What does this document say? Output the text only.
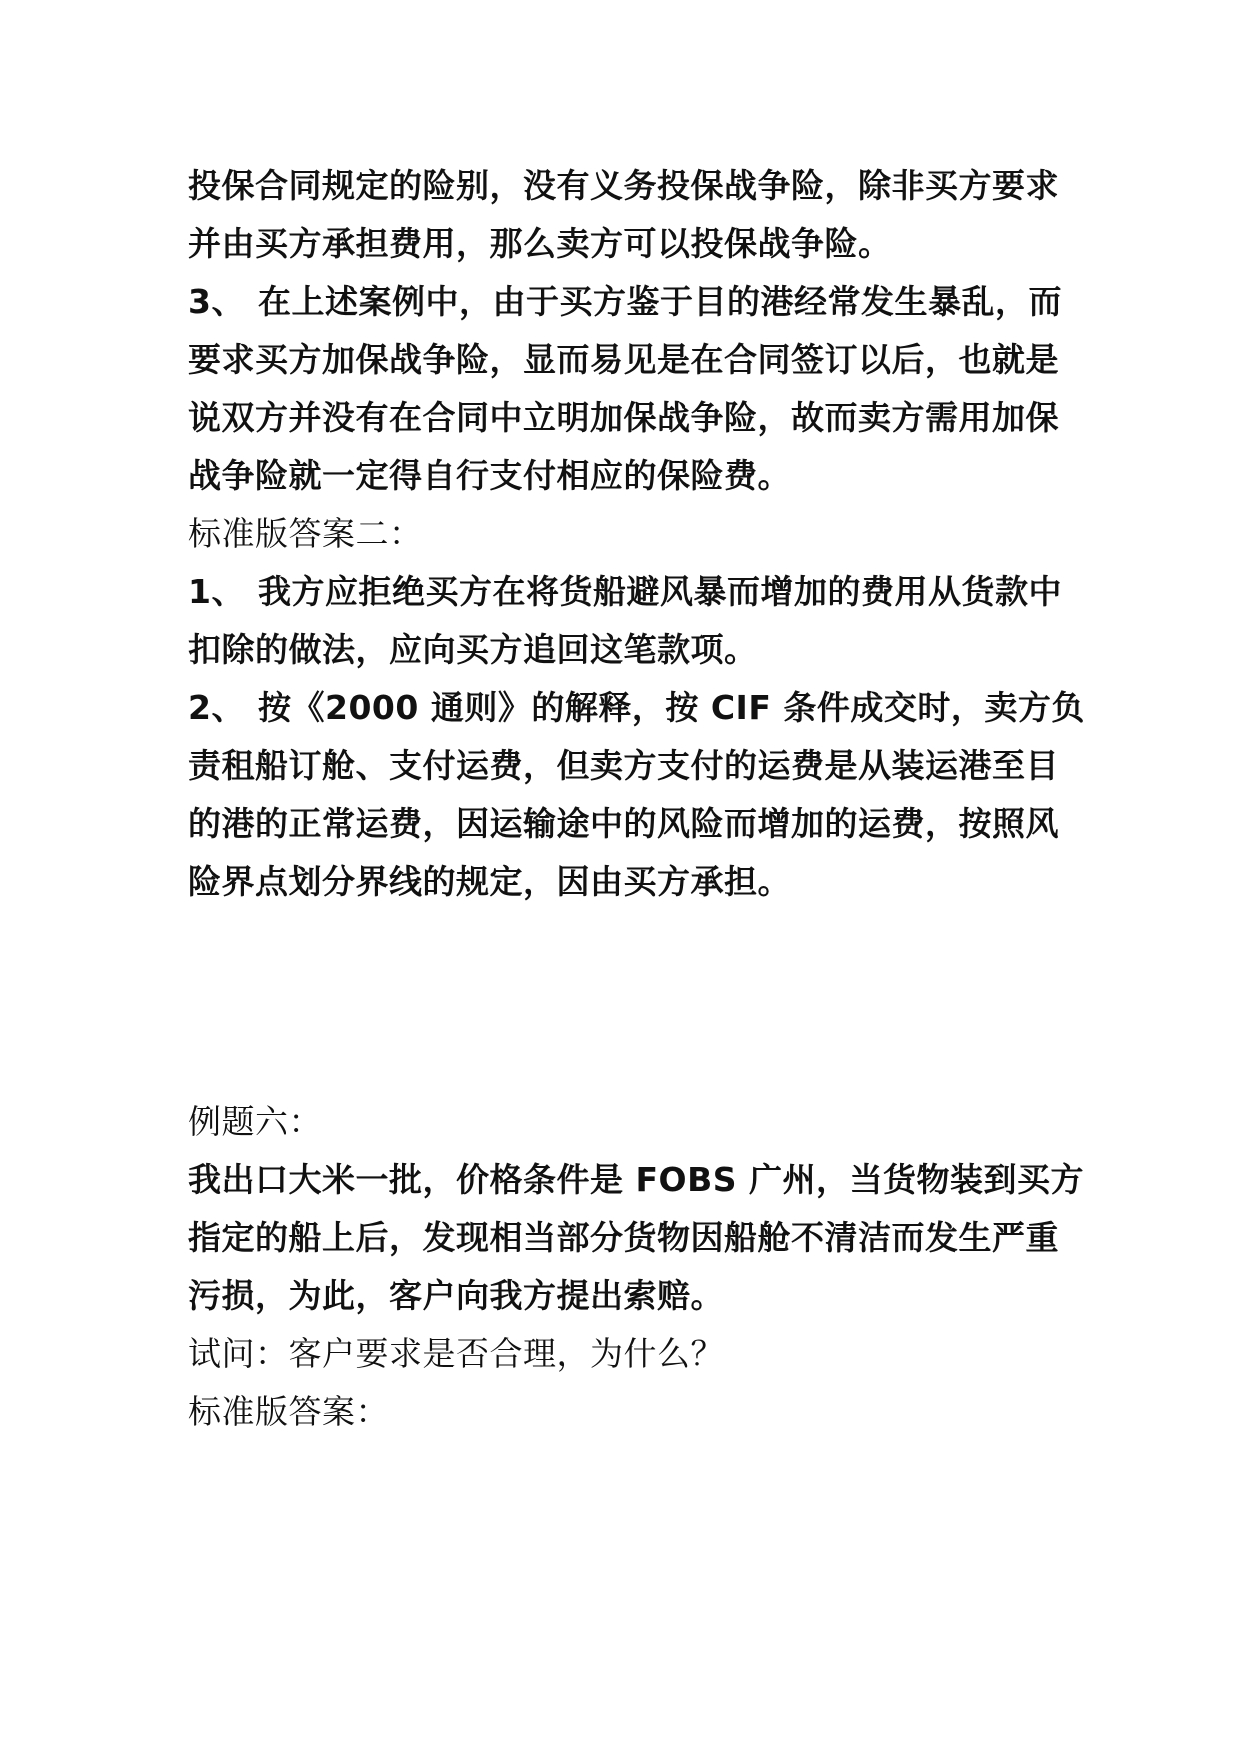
投保合同规定的险别，没有义务投保战争险，除非买方要求
并由买方承担费用，那么卖方可以投保战争险。
3、 在上述案例中，由于买方鉴于目的港经常发生暴乱，而
要求买方加保战争险，显而易见是在合同签订以后，也就是
说双方并没有在合同中立明加保战争险，故而卖方需用加保
战争险就一定得自行支付相应的保险费。
标准版答案二：
1、 我方应拒绝买方在将货船避风暴而增加的费用从货款中
扣除的做法，应向买方追回这笔款项。
2、 按《2000 通则》的解释，按 CIF 条件成交时，卖方负
责租船订舱、支付运费，但卖方支付的运费是从装运港至目
的港的正常运费，因运输途中的风险而增加的运费，按照风
险界点划分界线的规定，因由买方承担。
例题六：
我出口大米一批，价格条件是 FOBS 广州，当货物装到买方
指定的船上后，发现相当部分货物因船舱不清洁而发生严重
污损，为此，客户向我方提出索赔。
试问：客户要求是否合理，为什么？
标准版答案：
